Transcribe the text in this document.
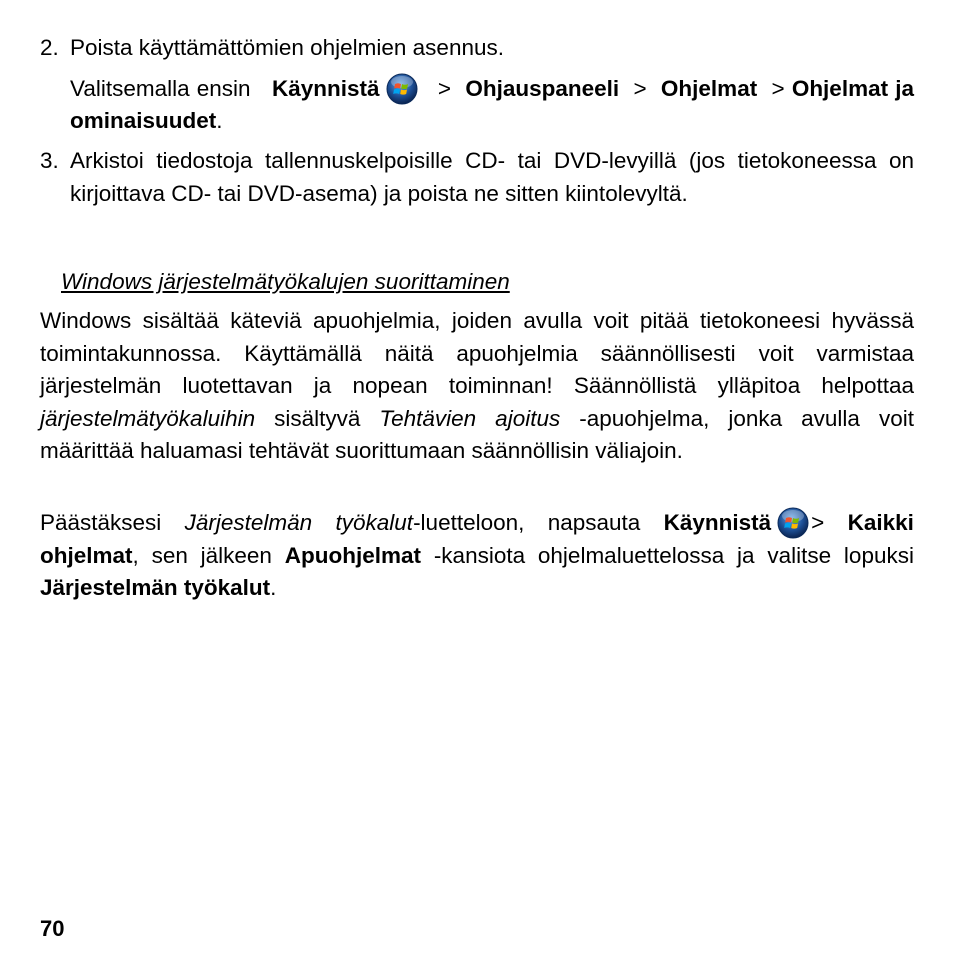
2. Poista käyttämättömien ohjelmien asennus.

Valitsemalla ensin Käynnistä	> Ohjauspaneeli > Ohjelmat > Ohjelmat ja ominaisuudet.

3. Arkistoi tiedostoja tallennuskelpoisille CD- tai DVD-levyillä (jos tietokoneessa on kirjoittava CD- tai DVD-asema) ja poista ne sitten kiintolevyltä.

Windows järjestelmätyökalujen suorittaminen

Windows sisältää käteviä apuohjelmia, joiden avulla voit pitää tietokoneesi hyvässä toimintakunnossa. Käyttämällä näitä apuohjelmia säännöllisesti voit varmistaa järjestelmän luotettavan ja nopean toiminnan! Säännöllistä ylläpitoa helpottaa järjestelmätyökaluihin sisältyvä Tehtävien ajoitus -apuohjelma, jonka avulla voit määrittää haluamasi tehtävät suorittumaan säännöllisin väliajoin.

Päästäksesi Järjestelmän työkalut-luetteloon, napsauta Käynnistä > Kaikki ohjelmat, sen jälkeen Apuohjelmat -kansiota ohjelmaluettelossa ja valitse lopuksi Järjestelmän työkalut.

70
